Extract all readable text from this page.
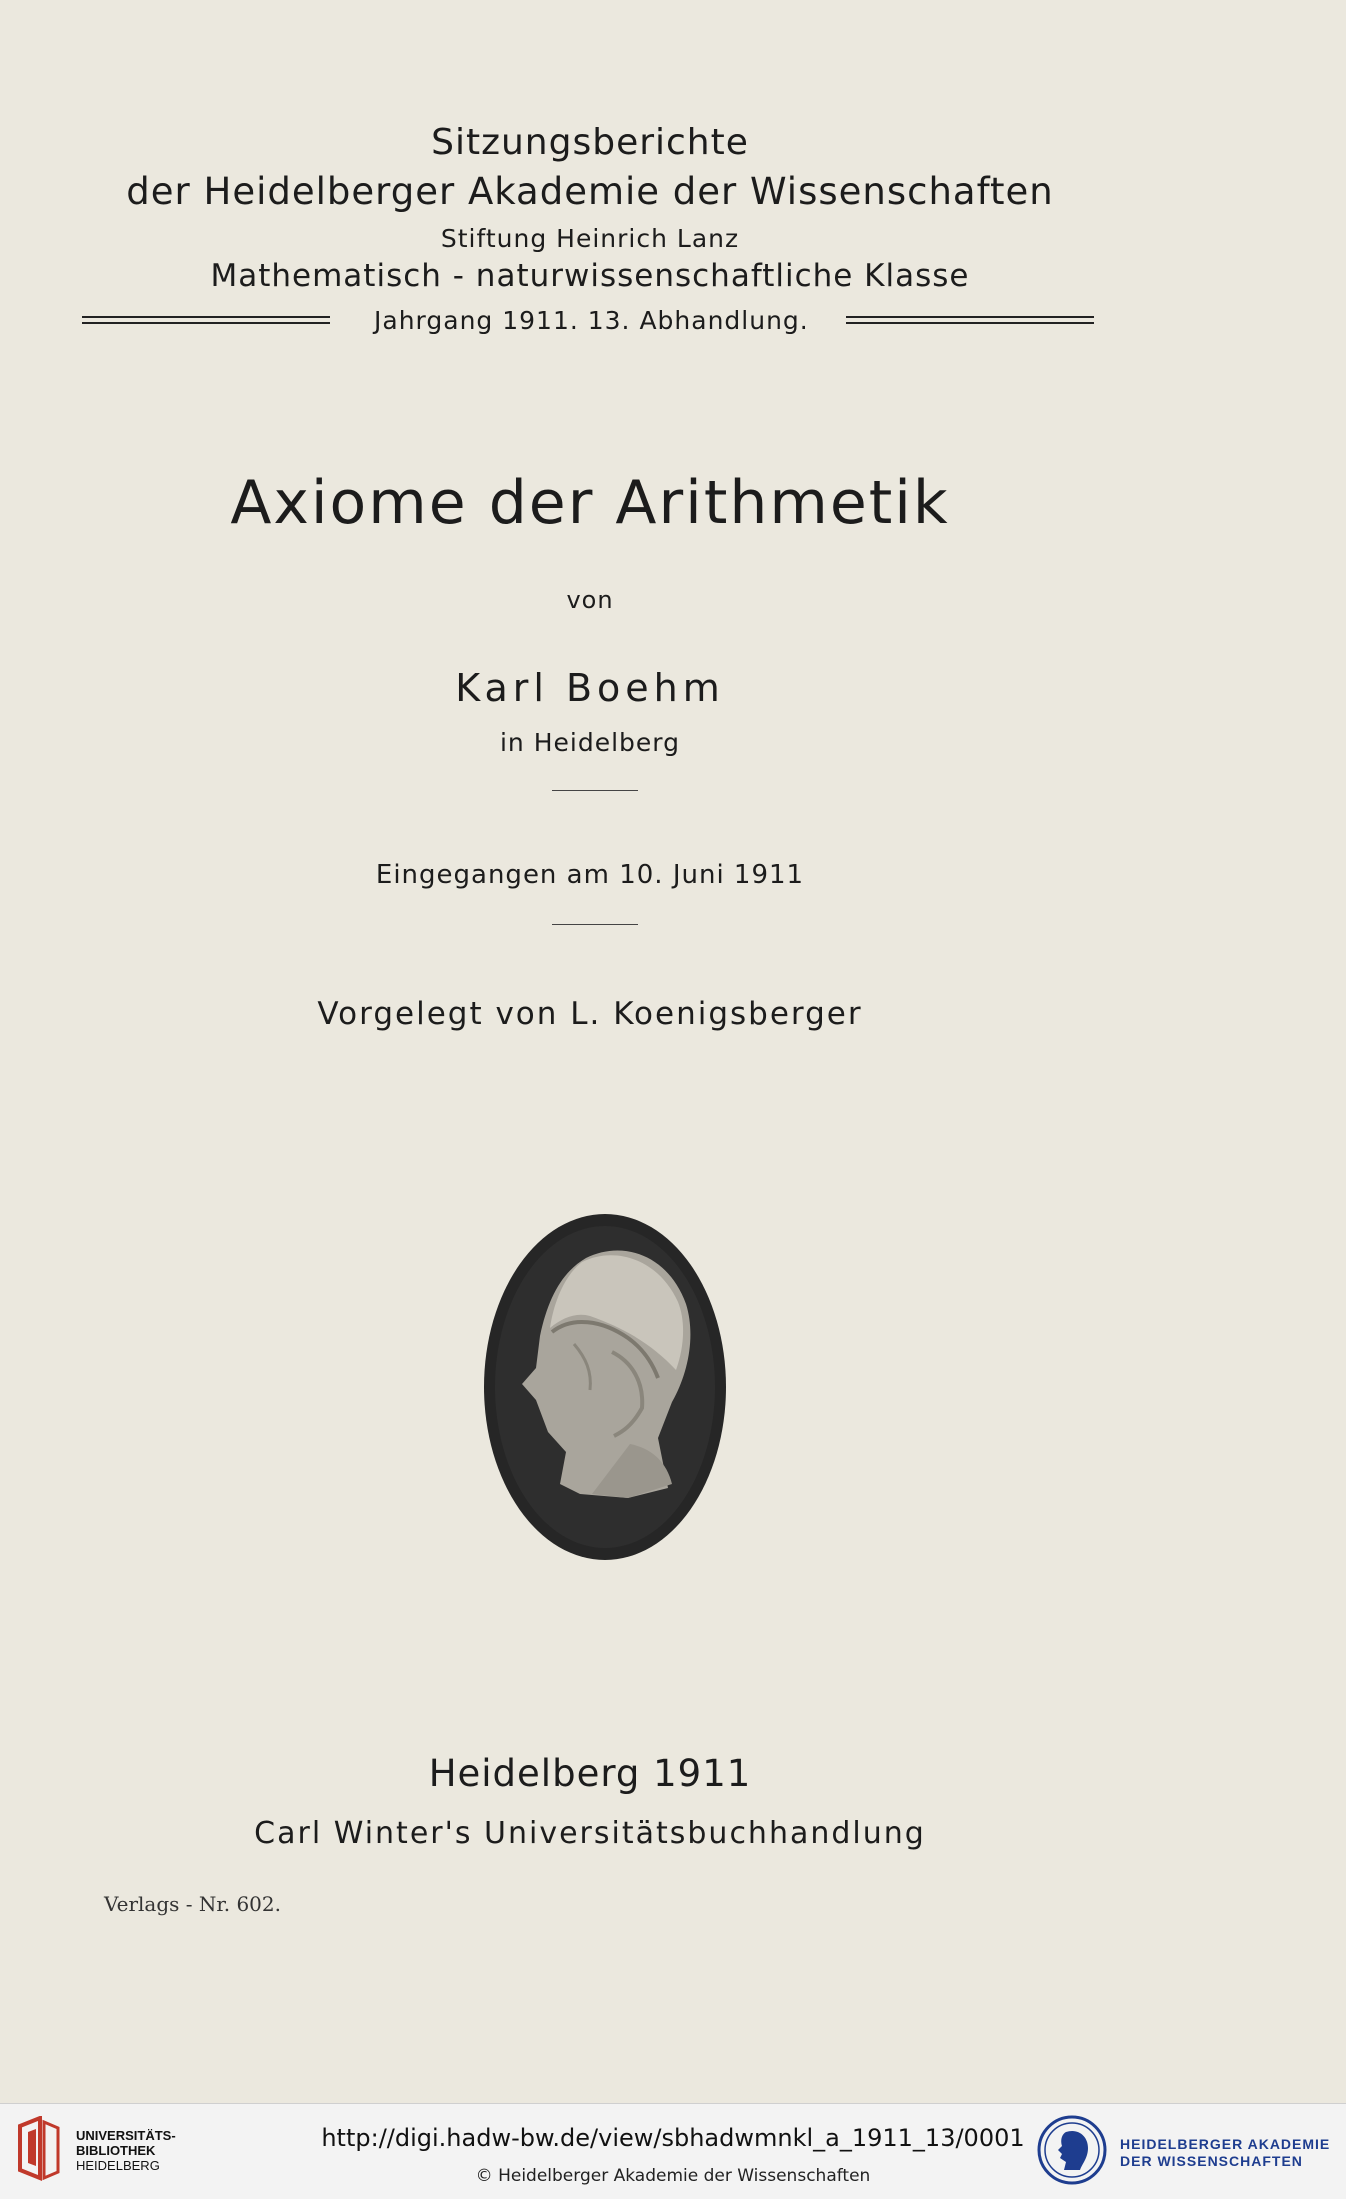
Sitzungsberichte
der Heidelberger Akademie der Wissenschaften
Stiftung Heinrich Lanz
Mathematisch - naturwissenschaftliche Klasse
Jahrgang 1911. 13. Abhandlung.
Axiome der Arithmetik
von
Karl Boehm
in Heidelberg
Eingegangen am 10. Juni 1911
Vorgelegt von L. Koenigsberger
Heidelberg 1911
Carl Winter's Universitätsbuchhandlung
Verlags - Nr. 602.
UNIVERSITÄTS-
BIBLIOTHEK
HEIDELBERG
http://digi.hadw-bw.de/view/sbhadwmnkl_a_1911_13/0001
© Heidelberger Akademie der Wissenschaften
HEIDELBERGER AKADEMIE
DER WISSENSCHAFTEN
